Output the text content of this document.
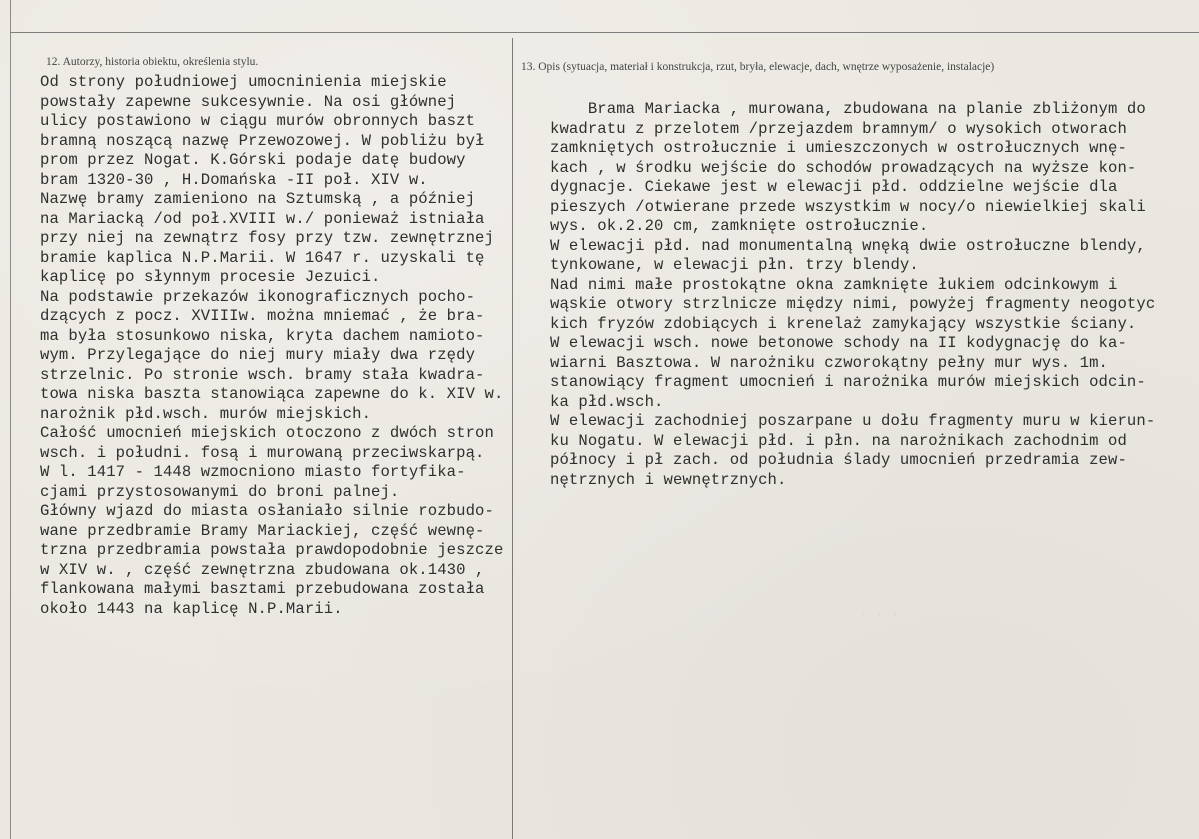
. . .
. . .
12. Autorzy, historia obiektu, określenia stylu.	13. Opis (sytuacja, materiał i konstrukcja, rzut, bryła, elewacje, dach, wnętrze wyposażenie, instalacje)
Od strony południowej umocninienia miejskie
powstały zapewne sukcesywnie. Na osi głównej
ulicy postawiono w ciągu murów obronnych baszt
bramną noszącą nazwę Przewozowej. W pobliżu był
prom przez Nogat. K.Górski podaje datę budowy
bram 1320-30 , H.Domańska -II poł. XIV w.
Nazwę bramy zamieniono na Sztumską , a później
na Mariacką /od poł.XVIII w./ ponieważ istniała
przy niej na zewnątrz fosy przy tzw. zewnętrznej
bramie kaplica N.P.Marii. W 1647 r. uzyskali tę
kaplicę po słynnym procesie Jezuici.
Na podstawie przekazów ikonograficznych pocho-
dzących z pocz. XVIIIw. można mniemać , że bra-
ma była stosunkowo niska, kryta dachem namioto-
wym. Przylegające do niej mury miały dwa rzędy
strzelnic. Po stronie wsch. bramy stała kwadra-
towa niska baszta stanowiąca zapewne do k. XIV w.
narożnik płd.wsch. murów miejskich.
Całość umocnień miejskich otoczono z dwóch stron
wsch. i południ. fosą i murowaną przeciwskarpą.
W l. 1417 - 1448 wzmocniono miasto fortyfika-
cjami przystosowanymi do broni palnej.
Główny wjazd do miasta osłaniało silnie rozbudo-
wane przedbramie Bramy Mariackiej, część wewnę-
trzna przedbramia powstała prawdopodobnie jeszcze
w XIV w. , część zewnętrzna zbudowana ok.1430 ,
flankowana małymi basztami przebudowana została
około 1443 na kaplicę N.P.Marii.
Brama Mariacka , murowana, zbudowana na planie zbliżonym do
kwadratu z przelotem /przejazdem bramnym/ o wysokich otworach
zamkniętych ostrołucznie i umieszczonych w ostrołucznych wnę-
kach , w środku wejście do schodów prowadzących na wyższe kon-
dygnacje. Ciekawe jest w elewacji płd. oddzielne wejście dla
pieszych /otwierane przede wszystkim w nocy/o niewielkiej skali
wys. ok.2.20 cm, zamknięte ostrołucznie.
W elewacji płd. nad monumentalną wnęką dwie ostrołuczne blendy,
tynkowane, w elewacji płn. trzy blendy.
Nad nimi małe prostokątne okna zamknięte łukiem odcinkowym i
wąskie otwory strzlnicze między nimi, powyżej fragmenty neogotyc
kich fryzów zdobiących i krenelaż zamykający wszystkie ściany.
W elewacji wsch. nowe betonowe schody na II kodygnację do ka-
wiarni Basztowa. W narożniku czworokątny pełny mur wys. 1m.
stanowiący fragment umocnień i narożnika murów miejskich odcin-
ka płd.wsch.
W elewacji zachodniej poszarpane u dołu fragmenty muru w kierun-
ku Nogatu. W elewacji płd. i płn. na narożnikach zachodnim od
północy i pł zach. od południa ślady umocnień przedramia zew-
nętrznych i wewnętrznych.
